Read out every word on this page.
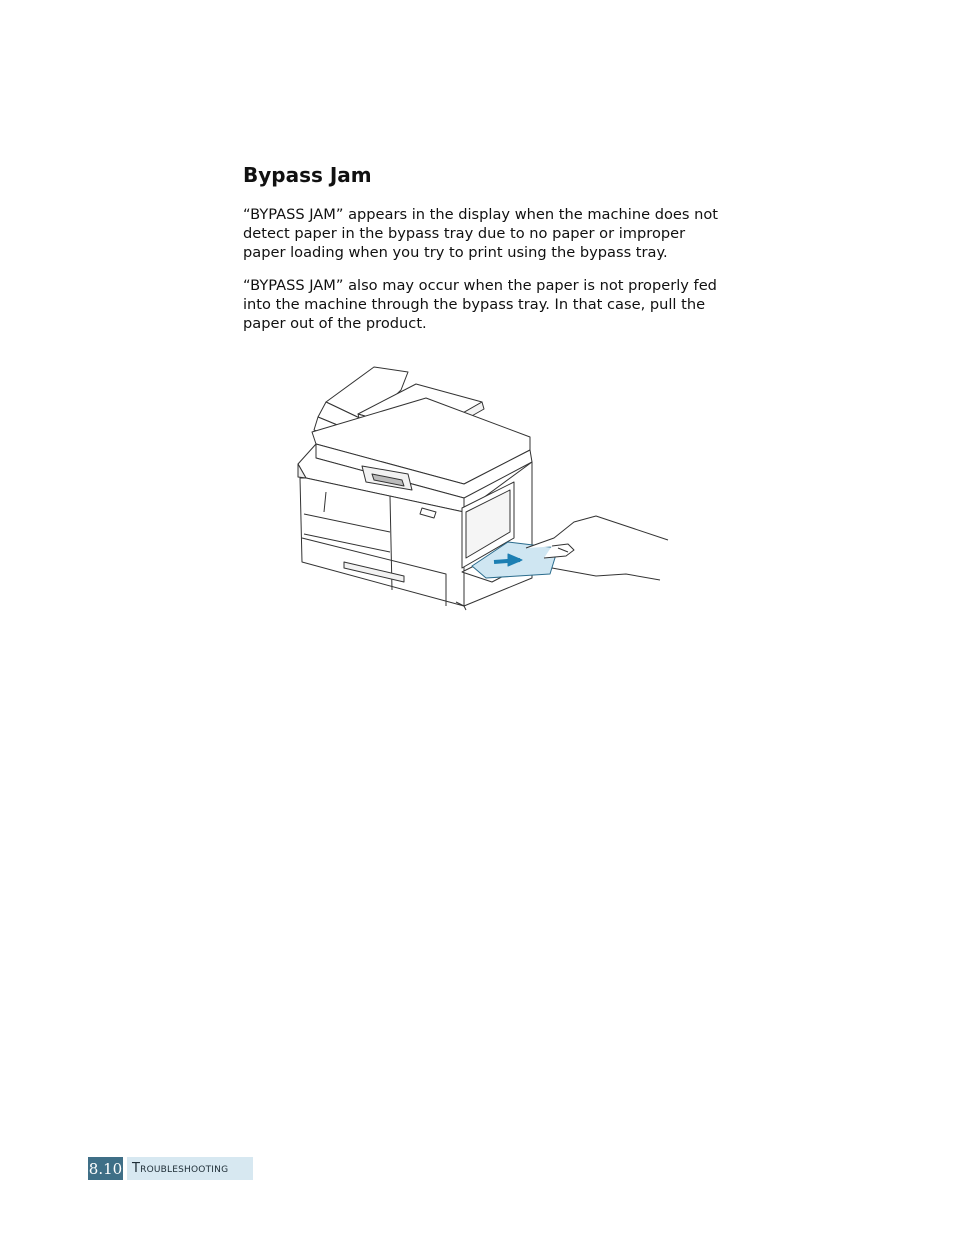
Bypass Jam

“BYPASS JAM” appears in the display when the machine does not detect paper in the bypass tray due to no paper or improper paper loading when you try to print using the bypass tray.

“BYPASS JAM” also may occur when the paper is not properly fed into the machine through the bypass tray. In that case, pull the paper out of the product.

8.10 Troubleshooting
